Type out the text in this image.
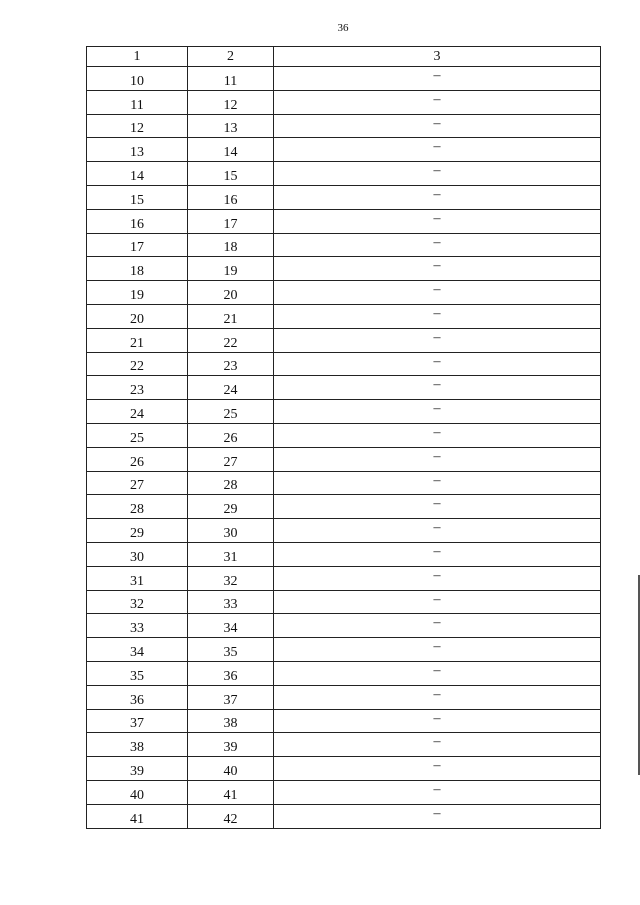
36
1	2	3
10	11	–
11	12	–
12	13	–
13	14	–
14	15	–
15	16	–
16	17	–
17	18	–
18	19	–
19	20	–
20	21	–
21	22	–
22	23	–
23	24	–
24	25	–
25	26	–
26	27	–
27	28	–
28	29	–
29	30	–
30	31	–
31	32	–
32	33	–
33	34	–
34	35	–
35	36	–
36	37	–
37	38	–
38	39	–
39	40	–
40	41	–
41	42	–
